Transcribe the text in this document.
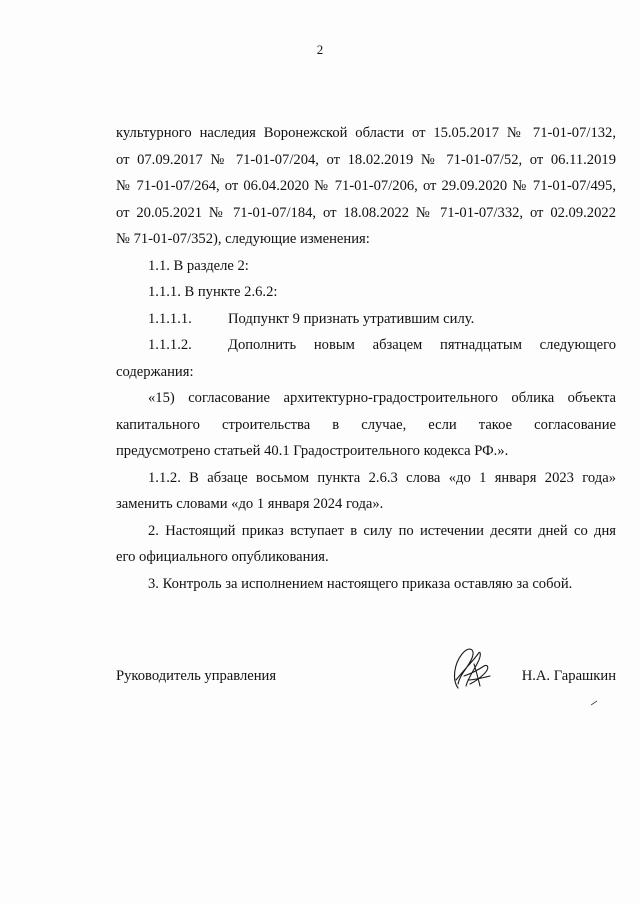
2
культурного наследия Воронежской области от 15.05.2017 № 71-01-07/132,
от 07.09.2017 № 71-01-07/204, от 18.02.2019 № 71-01-07/52, от 06.11.2019
№ 71-01-07/264, от 06.04.2020 № 71-01-07/206, от 29.09.2020 № 71-01-07/495,
от 20.05.2021 № 71-01-07/184, от 18.08.2022 № 71-01-07/332, от 02.09.2022
№ 71-01-07/352), следующие изменения:
1.1. В разделе 2:
1.1.1. В пункте 2.6.2:
1.1.1.1.	Подпункт 9 признать утратившим силу.
1.1.1.2.	Дополнить новым абзацем пятнадцатым следующего
содержания:
«15) согласование архитектурно-градостроительного облика объекта
капитального строительства в случае, если такое согласование
предусмотрено статьей 40.1 Градостроительного кодекса РФ.».
1.1.2. В абзаце восьмом пункта 2.6.3 слова «до 1 января 2023 года»
заменить словами «до 1 января 2024 года».
2. Настоящий приказ вступает в силу по истечении десяти дней со дня
его официального опубликования.
3. Контроль за исполнением настоящего приказа оставляю за собой.
Руководитель управления	Н.А. Гарашкин
